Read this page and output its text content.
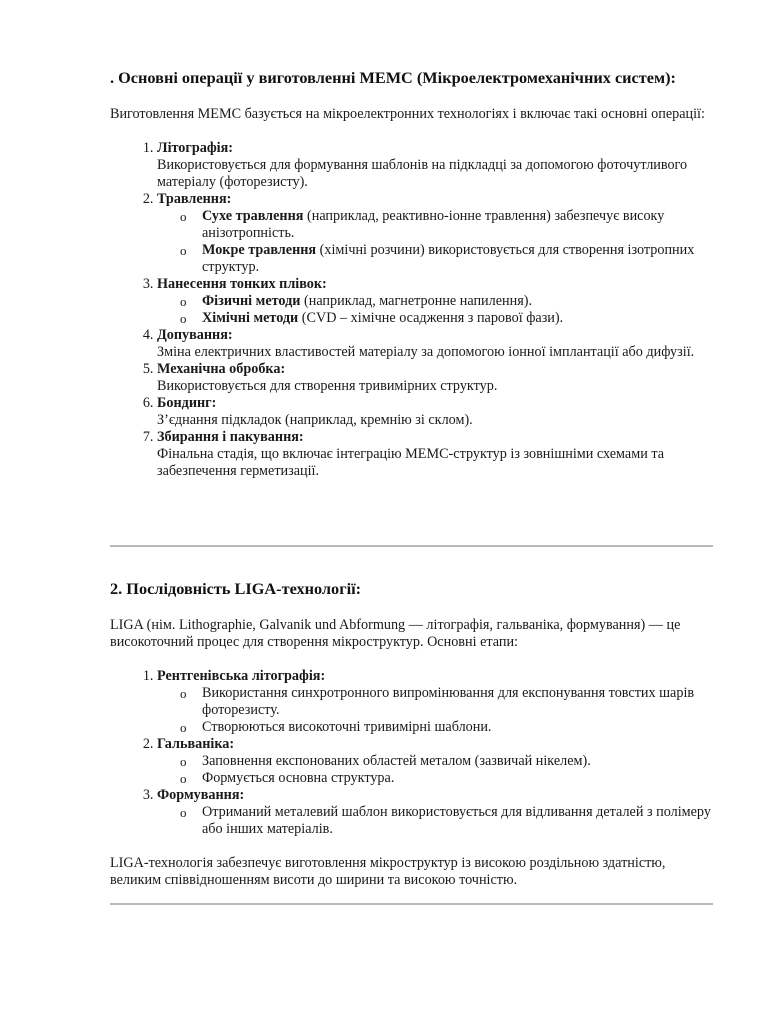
. Основні операції у виготовленні МЕМС (Мікроелектромеханічних систем):

Виготовлення МЕМС базується на мікроелектронних технологіях і включає такі основні операції:

1. Літографія:
Використовується для формування шаблонів на підкладці за допомогою фоточутливого матеріалу (фоторезисту).
2. Травлення:
o Сухе травлення (наприклад, реактивно-іонне травлення) забезпечує високу анізотропність.
o Мокре травлення (хімічні розчини) використовується для створення ізотропних структур.
3. Нанесення тонких плівок:
o Фізичні методи (наприклад, магнетронне напилення).
o Хімічні методи (CVD – хімічне осадження з парової фази).
4. Допування:
Зміна електричних властивостей матеріалу за допомогою іонної імплантації або дифузії.
5. Механічна обробка:
Використовується для створення тривимірних структур.
6. Бондинг:
З’єднання підкладок (наприклад, кремнію зі склом).
7. Збирання і пакування:
Фінальна стадія, що включає інтеграцію МЕМС-структур із зовнішніми схемами та забезпечення герметизації.
2. Послідовність LIGA-технології:

LIGA (нім. Lithographie, Galvanik und Abformung — літографія, гальваніка, формування) — це високоточний процес для створення мікроструктур. Основні етапи:

1. Рентгенівська літографія:
o Використання синхротронного випромінювання для експонування товстих шарів фоторезисту.
o Створюються високоточні тривимірні шаблони.
2. Гальваніка:
o Заповнення експонованих областей металом (зазвичай нікелем).
o Формується основна структура.
3. Формування:
o Отриманий металевий шаблон використовується для відливання деталей з полімеру або інших матеріалів.

LIGA-технологія забезпечує виготовлення мікроструктур із високою роздільною здатністю, великим співвідношенням висоти до ширини та високою точністю.
